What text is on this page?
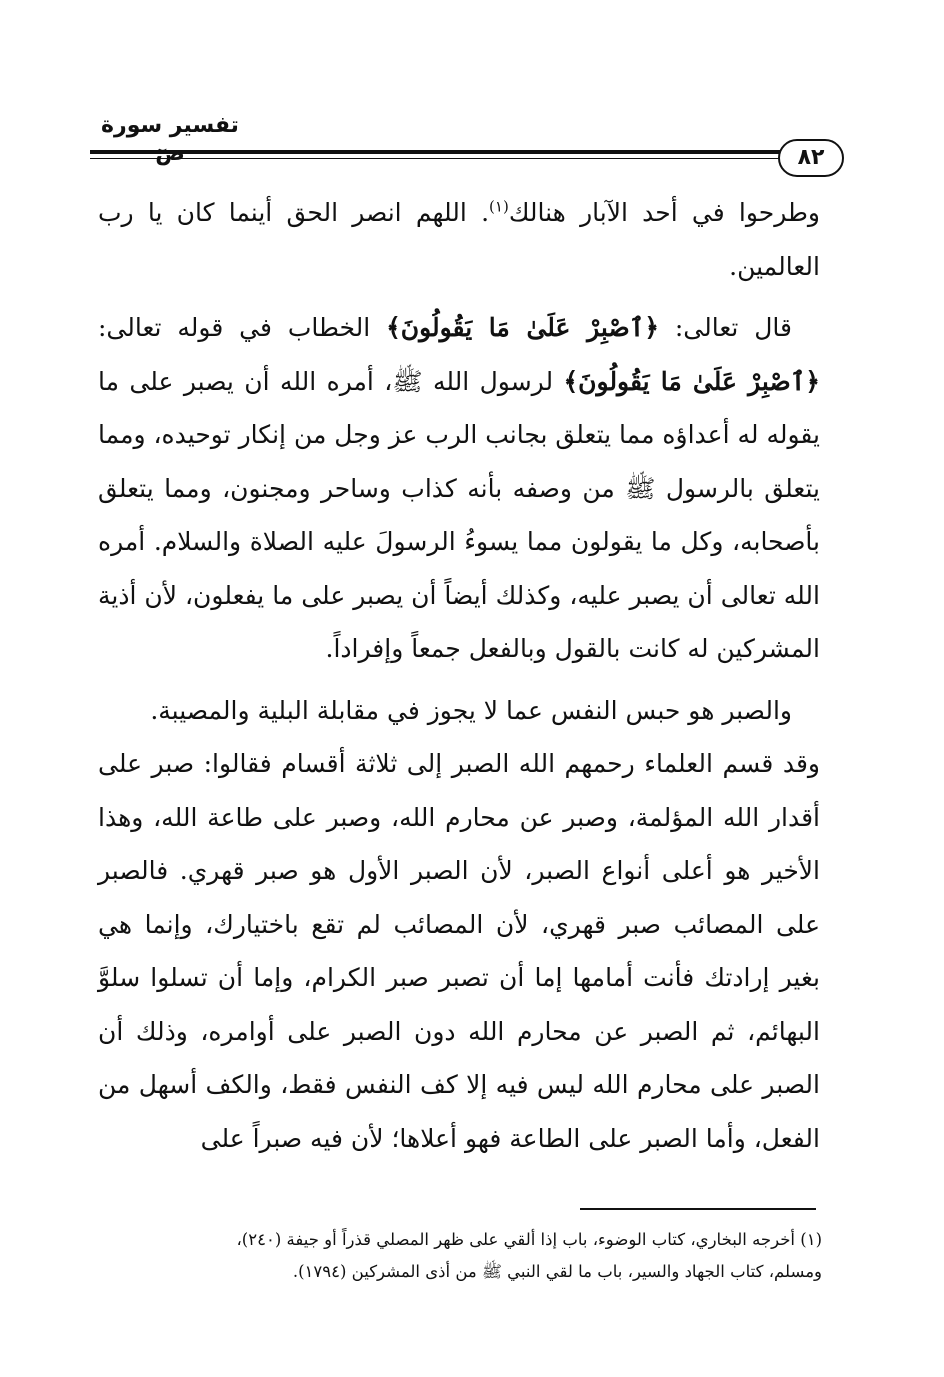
تفسير سورة
٨٢

وطرحوا في أحد الآبار هنالك$^{(١)}$. اللهم انصر الحق أينما كان يا رب العالمين.

قال تعالى: ﴿ٱصْبِرْ عَلَىٰ مَا يَقُولُونَ﴾ الخطاب في قوله تعالى: ﴿ٱصْبِرْ عَلَىٰ مَا يَقُولُونَ﴾ لرسول الله ﷺ، أمره الله أن يصبر على ما يقوله له أعداؤه مما يتعلق بجانب الرب عز وجل من إنكار توحيده، ومما يتعلق بالرسول ﷺ من وصفه بأنه كذاب وساحر ومجنون، ومما يتعلق بأصحابه، وكل ما يقولون مما يسوءُ الرسولَ عليه الصلاة والسلام. أمره الله تعالى أن يصبر عليه، وكذلك أيضاً أن يصبر على ما يفعلون، لأن أذية المشركين له كانت بالقول وبالفعل جمعاً وإفراداً.

والصبر هو حبس النفس عما لا يجوز في مقابلة البلية والمصيبة.

وقد قسم العلماء رحمهم الله الصبر إلى ثلاثة أقسام فقالوا: صبر على أقدار الله المؤلمة، وصبر عن محارم الله، وصبر على طاعة الله، وهذا الأخير هو أعلى أنواع الصبر، لأن الصبر الأول هو صبر قهري. فالصبر على المصائب صبر قهري، لأن المصائب لم تقع باختيارك، وإنما هي بغير إرادتك فأنت أمامها إما أن تصبر صبر الكرام، وإما أن تسلوا سلوَّ البهائم، ثم الصبر عن محارم الله دون الصبر على أوامره، وذلك أن الصبر على محارم الله ليس فيه إلا كف النفس فقط، والكف أسهل من الفعل، وأما الصبر على الطاعة فهو أعلاها؛ لأن فيه صبراً على

(١) أخرجه البخاري، كتاب الوضوء، باب إذا ألقي على ظهر المصلي قذراً أو جيفة (٢٤٠)،

ومسلم، كتاب الجهاد والسير، باب ما لقي النبي ﷺ من أذى المشركين (١٧٩٤).
